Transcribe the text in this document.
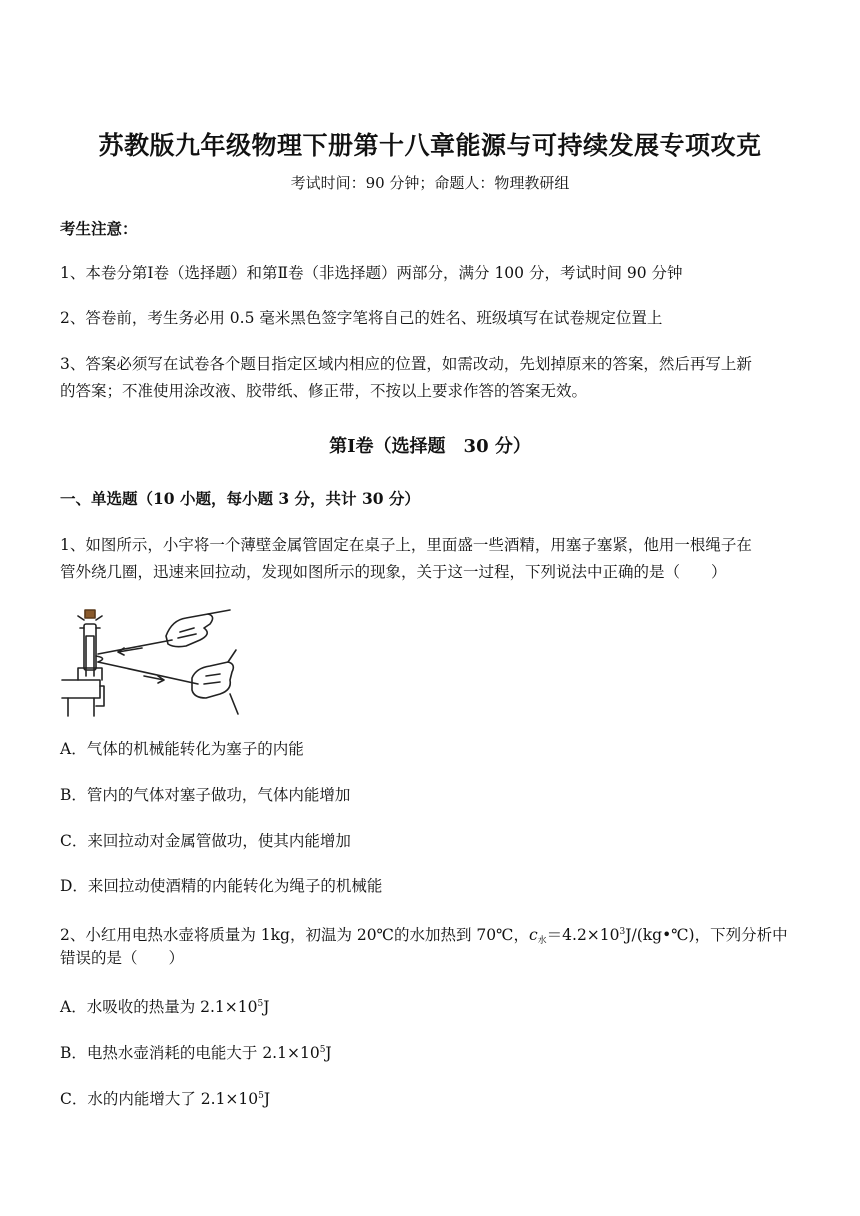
苏教版九年级物理下册第十八章能源与可持续发展专项攻克
考试时间：90 分钟；命题人：物理教研组
考生注意：
1、本卷分第Ⅰ卷（选择题）和第Ⅱ卷（非选择题）两部分，满分 100 分，考试时间 90 分钟
2、答卷前，考生务必用 0.5 毫米黑色签字笔将自己的姓名、班级填写在试卷规定位置上
3、答案必须写在试卷各个题目指定区域内相应的位置，如需改动，先划掉原来的答案，然后再写上新
的答案；不准使用涂改液、胶带纸、修正带，不按以上要求作答的答案无效。
第Ⅰ卷（选择题　30 分）
一、单选题（10 小题，每小题 3 分，共计 30 分）
1、如图所示，小宇将一个薄壁金属管固定在桌子上，里面盛一些酒精，用塞子塞紧，他用一根绳子在
管外绕几圈，迅速来回拉动，发现如图所示的现象，关于这一过程，下列说法中正确的是（　　）
A．气体的机械能转化为塞子的内能
B．管内的气体对塞子做功，气体内能增加
C．来回拉动对金属管做功，使其内能增加
D．来回拉动使酒精的内能转化为绳子的机械能
2、小红用电热水壶将质量为 1kg，初温为 20℃的水加热到 70℃，$c_水=4.2\times 10^3J/(kg•℃)$，下列分析中
错误的是（　　）
A．水吸收的热量为 $2.1\times 10^5J$
B．电热水壶消耗的电能大于 $2.1\times 10^5J$
C．水的内能增大了 $2.1\times 10^5J$
